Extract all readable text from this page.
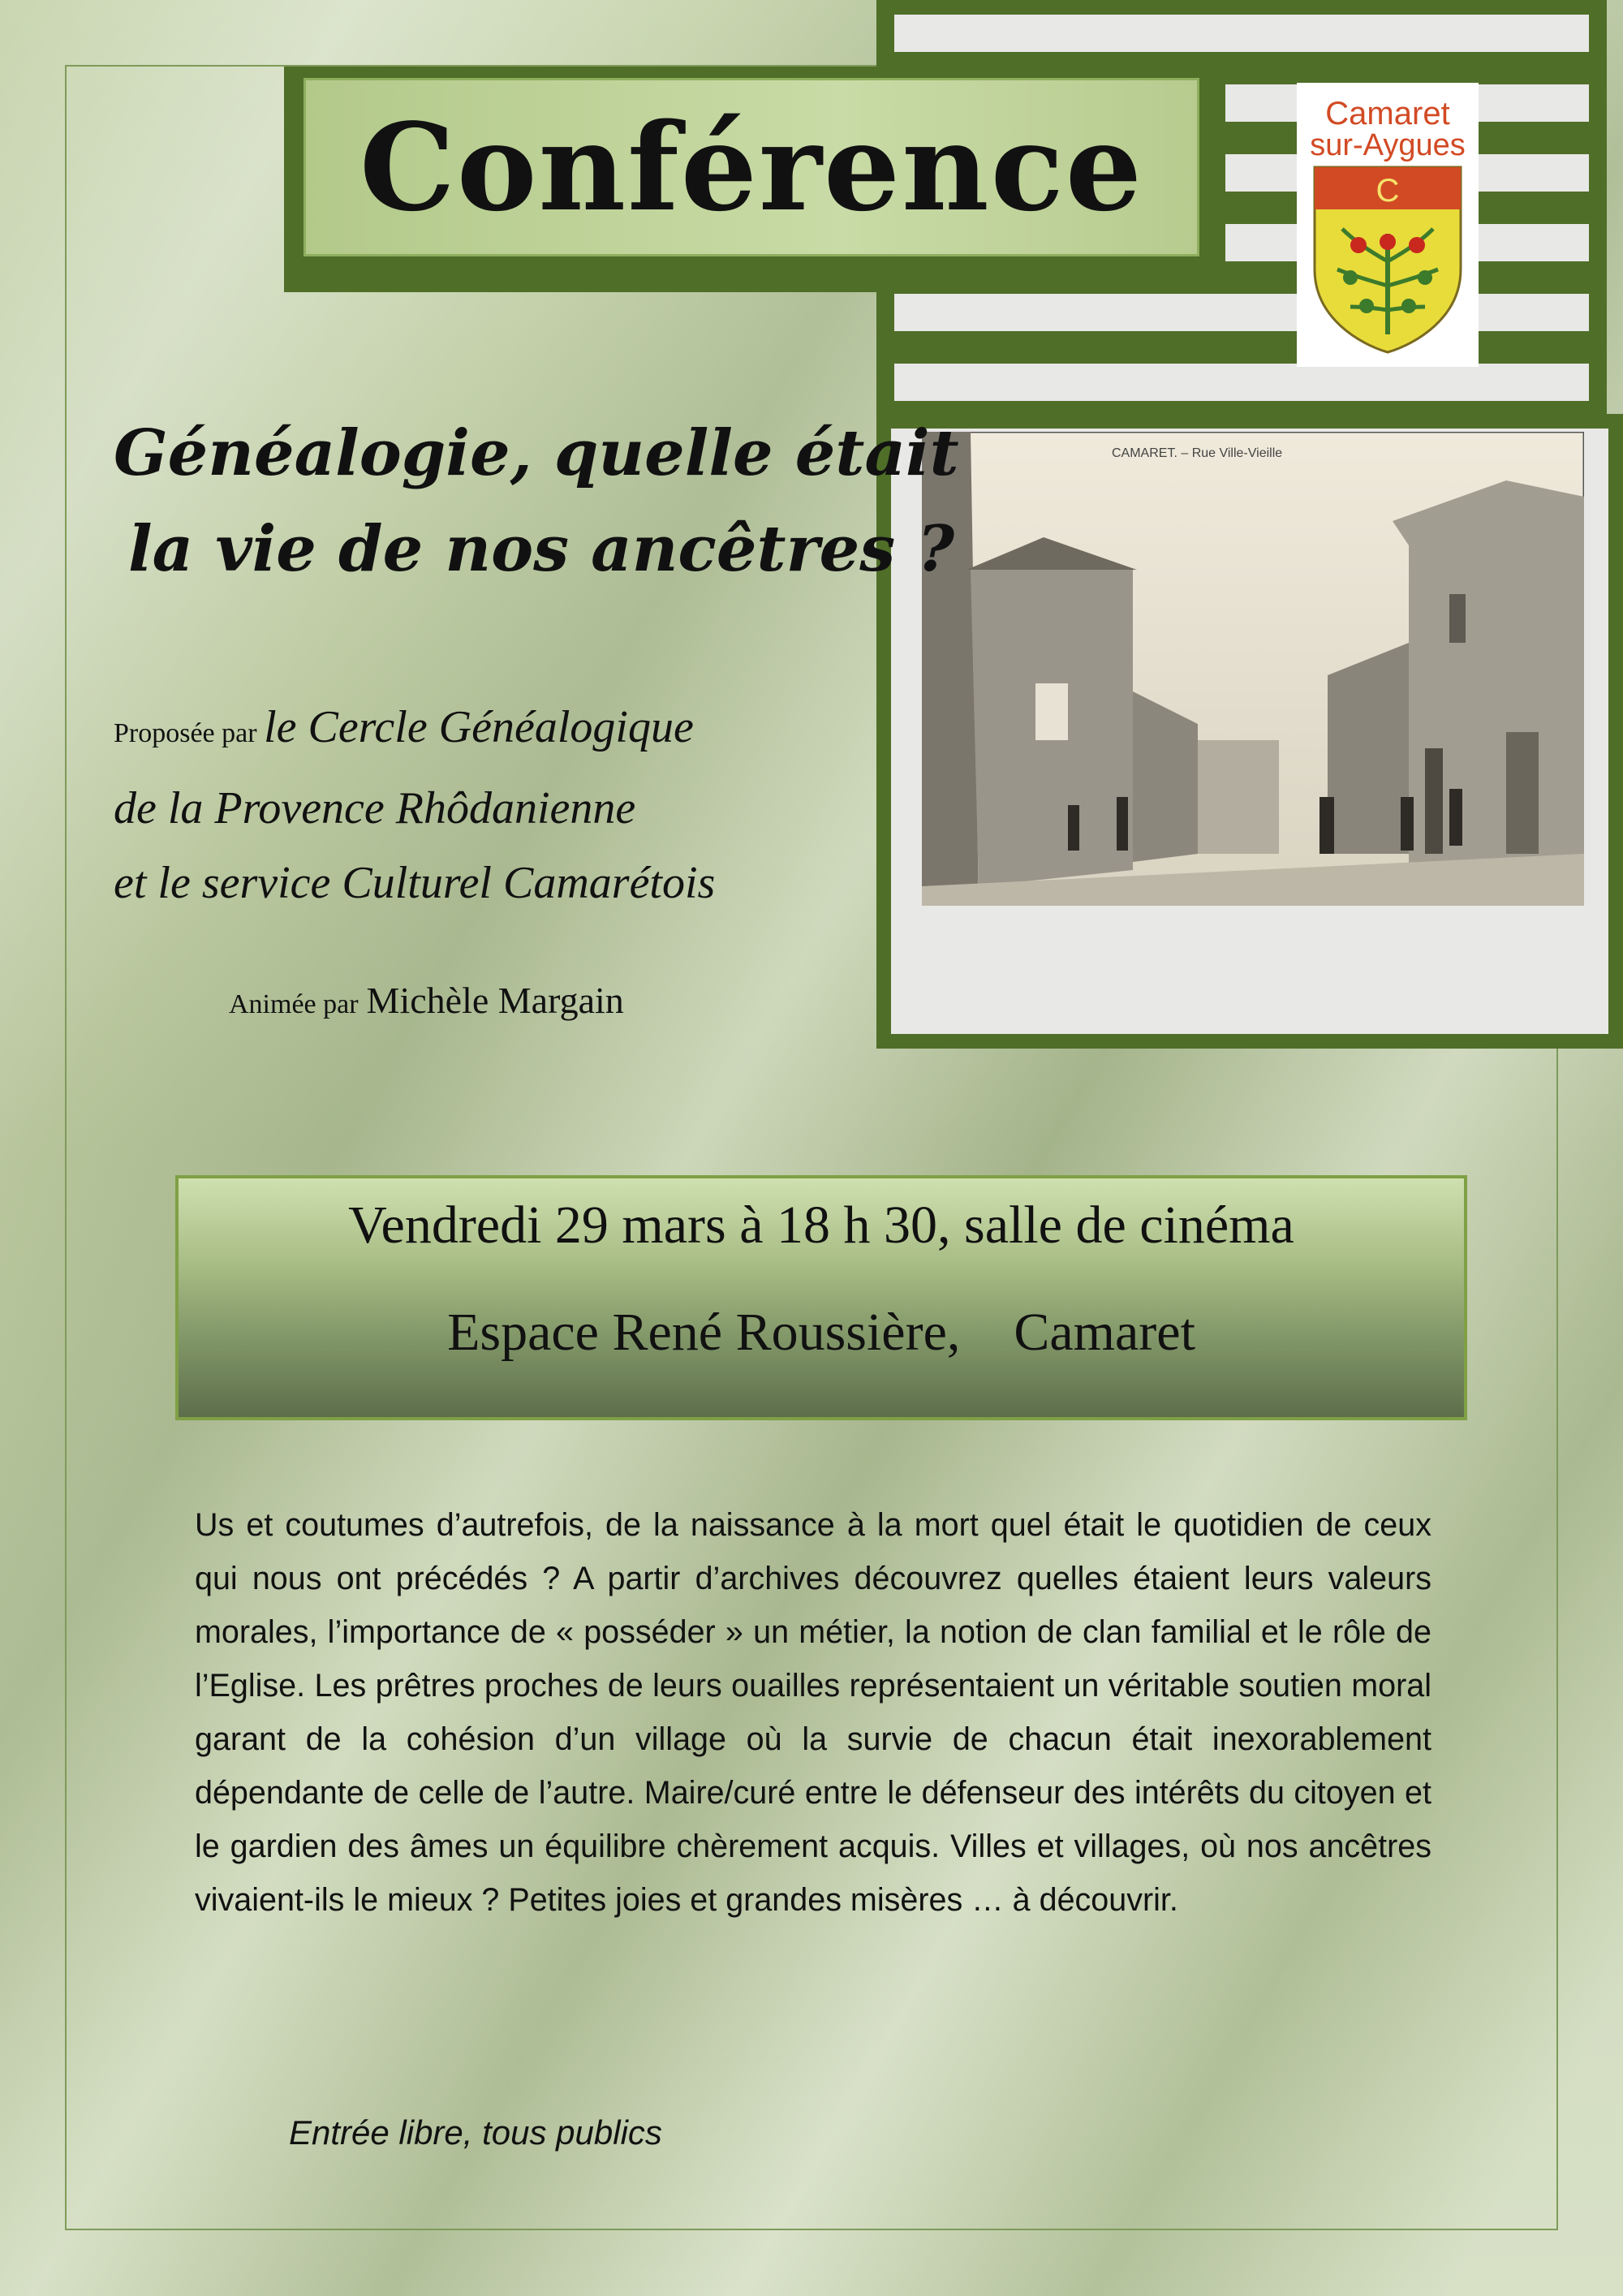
Conférence	Camaret
sur-Aygues
C
CAMARET. – Rue Ville-Vieille
Généalogie, quelle était
la vie de nos ancêtres ?
Proposée par le Cercle Généalogique
de la Provence Rhôdanienne
et le service Culturel Camarétois
Animée par Michèle Margain
Vendredi 29 mars à 18 h 30, salle de cinéma
Espace René Roussière,    Camaret
Us et coutumes d’autrefois, de la naissance à la mort quel était le quotidien de ceux qui nous ont précédés ? A partir d’archives découvrez quelles étaient leurs valeurs morales, l’importance de « posséder » un métier, la notion de clan familial et le rôle de l’Eglise. Les prêtres proches de leurs ouailles représentaient un véritable soutien moral garant de la cohésion d’un village où la survie de chacun était inexorablement dépendante de celle de l’autre. Maire/curé entre le défenseur des intérêts du citoyen et le gardien des âmes un équilibre chèrement acquis. Villes et villages, où nos ancêtres vivaient-ils le mieux ? Petites joies et grandes misères … à découvrir.
Entrée libre, tous publics
